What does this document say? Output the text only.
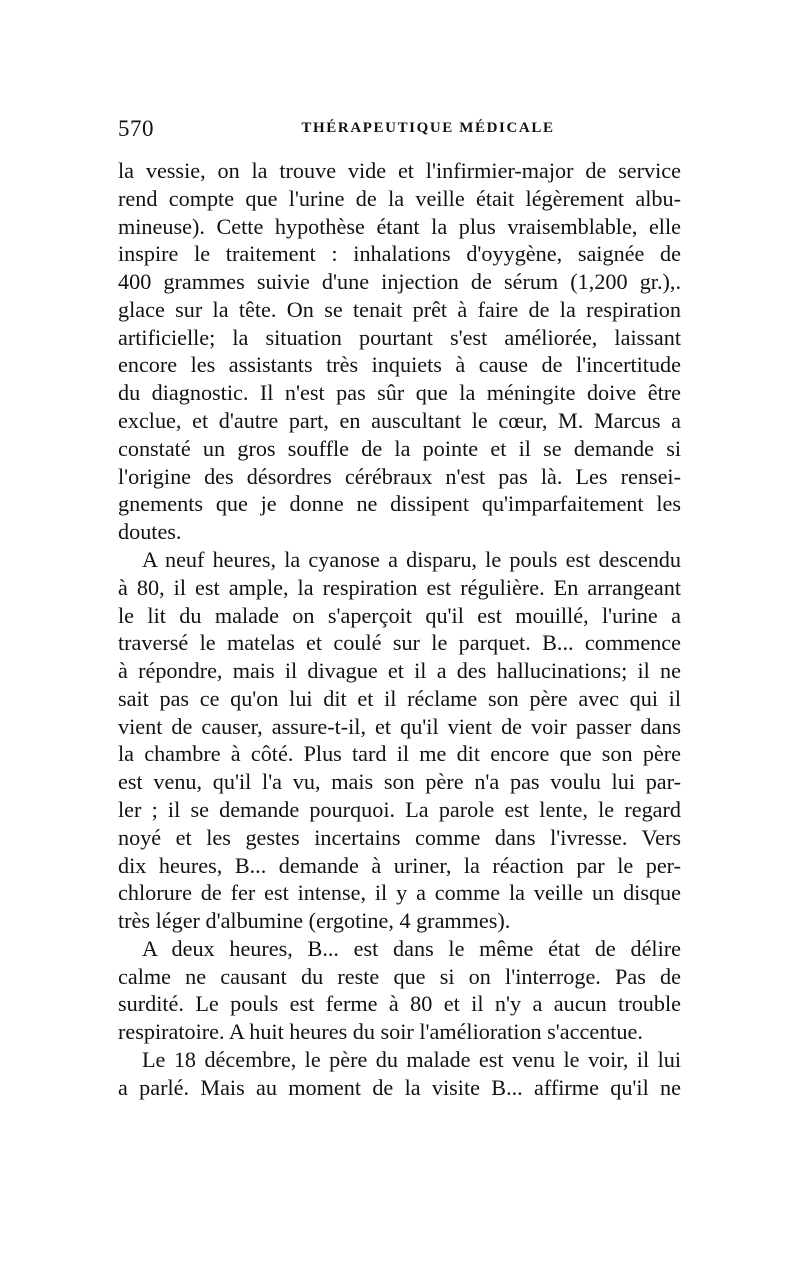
570	THÉRAPEUTIQUE MÉDICALE
la vessie, on la trouve vide et l'infirmier-major de service
rend compte que l'urine de la veille était légèrement albu-
mineuse). Cette hypothèse étant la plus vraisemblable, elle
inspire le traitement : inhalations d'oyygène, saignée de
400 grammes suivie d'une injection de sérum (1,200 gr.),.
glace sur la tête. On se tenait prêt à faire de la respiration
artificielle; la situation pourtant s'est améliorée, laissant
encore les assistants très inquiets à cause de l'incertitude
du diagnostic. Il n'est pas sûr que la méningite doive être
exclue, et d'autre part, en auscultant le cœur, M. Marcus a
constaté un gros souffle de la pointe et il se demande si
l'origine des désordres cérébraux n'est pas là. Les rensei-
gnements que je donne ne dissipent qu'imparfaitement les
doutes.
A neuf heures, la cyanose a disparu, le pouls est descendu
à 80, il est ample, la respiration est régulière. En arrangeant
le lit du malade on s'aperçoit qu'il est mouillé, l'urine a
traversé le matelas et coulé sur le parquet. B... commence
à répondre, mais il divague et il a des hallucinations; il ne
sait pas ce qu'on lui dit et il réclame son père avec qui il
vient de causer, assure-t-il, et qu'il vient de voir passer dans
la chambre à côté. Plus tard il me dit encore que son père
est venu, qu'il l'a vu, mais son père n'a pas voulu lui par-
ler ; il se demande pourquoi. La parole est lente, le regard
noyé et les gestes incertains comme dans l'ivresse. Vers
dix heures, B... demande à uriner, la réaction par le per-
chlorure de fer est intense, il y a comme la veille un disque
très léger d'albumine (ergotine, 4 grammes).
A deux heures, B... est dans le même état de délire
calme ne causant du reste que si on l'interroge. Pas de
surdité. Le pouls est ferme à 80 et il n'y a aucun trouble
respiratoire. A huit heures du soir l'amélioration s'accentue.
Le 18 décembre, le père du malade est venu le voir, il lui
a parlé. Mais au moment de la visite B... affirme qu'il ne
